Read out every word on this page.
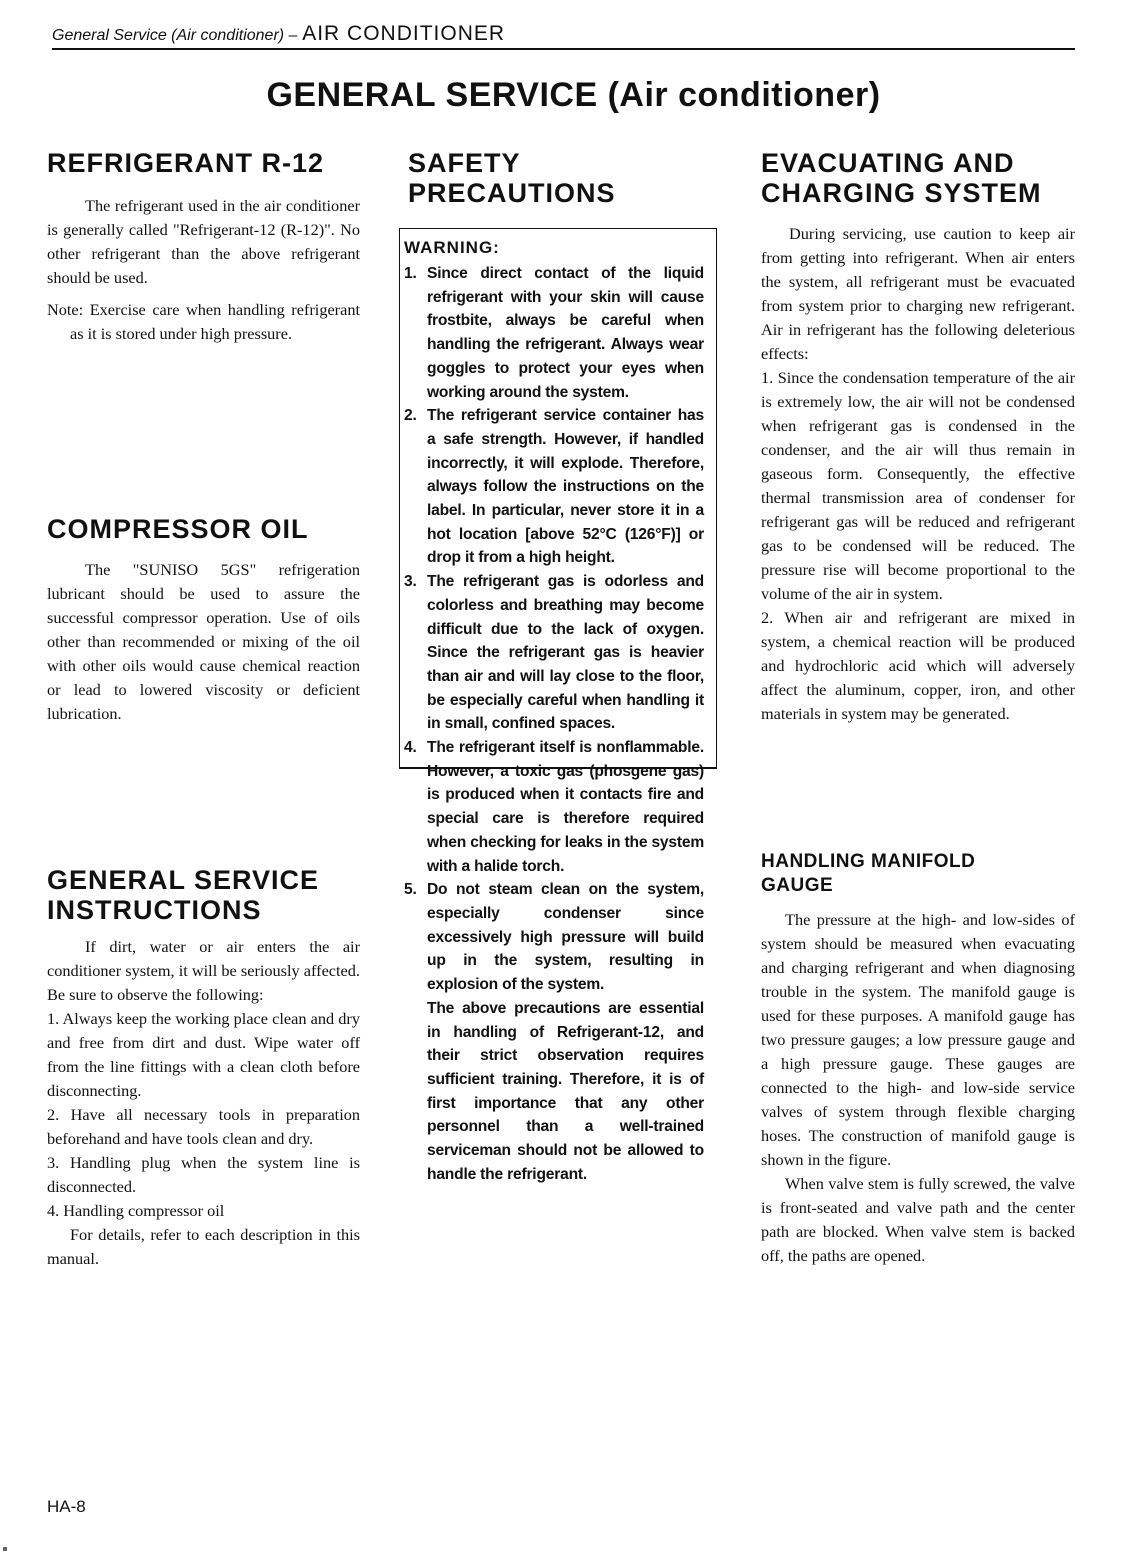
General Service (Air conditioner) – AIR CONDITIONER
GENERAL SERVICE (Air conditioner)
REFRIGERANT R-12

The refrigerant used in the air conditioner is generally called "Refrigerant-12 (R-12)". No other refrigerant than the above refrigerant should be used.

Note: Exercise care when handling refrigerant as it is stored under high pressure.

COMPRESSOR OIL

The "SUNISO 5GS" refrigeration lubricant should be used to assure the successful compressor operation. Use of oils other than recommended or mixing of the oil with other oils would cause chemical reaction or lead to lowered viscosity or deficient lubrication.

GENERAL SERVICE
INSTRUCTIONS

If dirt, water or air enters the air conditioner system, it will be seriously affected. Be sure to observe the following:

1. Always keep the working place clean and dry and free from dirt and dust. Wipe water off from the line fittings with a clean cloth before disconnecting.

2. Have all necessary tools in preparation beforehand and have tools clean and dry.

3. Handling plug when the system line is disconnected.

4. Handling compressor oil

For details, refer to each description in this manual.

SAFETY
PRECAUTIONS
WARNING:

1. Since direct contact of the liquid refrigerant with your skin will cause frostbite, always be careful when handling the refrigerant. Always wear goggles to protect your eyes when working around the system.

2. The refrigerant service container has a safe strength. However, if handled incorrectly, it will explode. Therefore, always follow the instructions on the label. In particular, never store it in a hot location [above 52°C (126°F)] or drop it from a high height.

3. The refrigerant gas is odorless and colorless and breathing may become difficult due to the lack of oxygen. Since the refrigerant gas is heavier than air and will lay close to the floor, be especially careful when handling it in small, confined spaces.

4. The refrigerant itself is nonflammable. However, a toxic gas (phosgene gas) is produced when it contacts fire and special care is therefore required when checking for leaks in the system with a halide torch.

5. Do not steam clean on the system, especially condenser since excessively high pressure will build up in the system, resulting in explosion of the system.

The above precautions are essential in handling of Refrigerant-12, and their strict observation requires sufficient training. Therefore, it is of first importance that any other personnel than a well-trained serviceman should not be allowed to handle the refrigerant.

EVACUATING AND
CHARGING SYSTEM

During servicing, use caution to keep air from getting into refrigerant. When air enters the system, all refrigerant must be evacuated from system prior to charging new refrigerant. Air in refrigerant has the following deleterious effects:

1. Since the condensation temperature of the air is extremely low, the air will not be condensed when refrigerant gas is condensed in the condenser, and the air will thus remain in gaseous form. Consequently, the effective thermal transmission area of condenser for refrigerant gas will be reduced and refrigerant gas to be condensed will be reduced. The pressure rise will become proportional to the volume of the air in system.

2. When air and refrigerant are mixed in system, a chemical reaction will be produced and hydrochloric acid which will adversely affect the aluminum, copper, iron, and other materials in system may be generated.

HANDLING MANIFOLD
GAUGE

The pressure at the high- and low-sides of system should be measured when evacuating and charging refrigerant and when diagnosing trouble in the system. The manifold gauge is used for these purposes. A manifold gauge has two pressure gauges; a low pressure gauge and a high pressure gauge. These gauges are connected to the high- and low-side service valves of system through flexible charging hoses. The construction of manifold gauge is shown in the figure.

When valve stem is fully screwed, the valve is front-seated and valve path and the center path are blocked. When valve stem is backed off, the paths are opened.

HA-8
